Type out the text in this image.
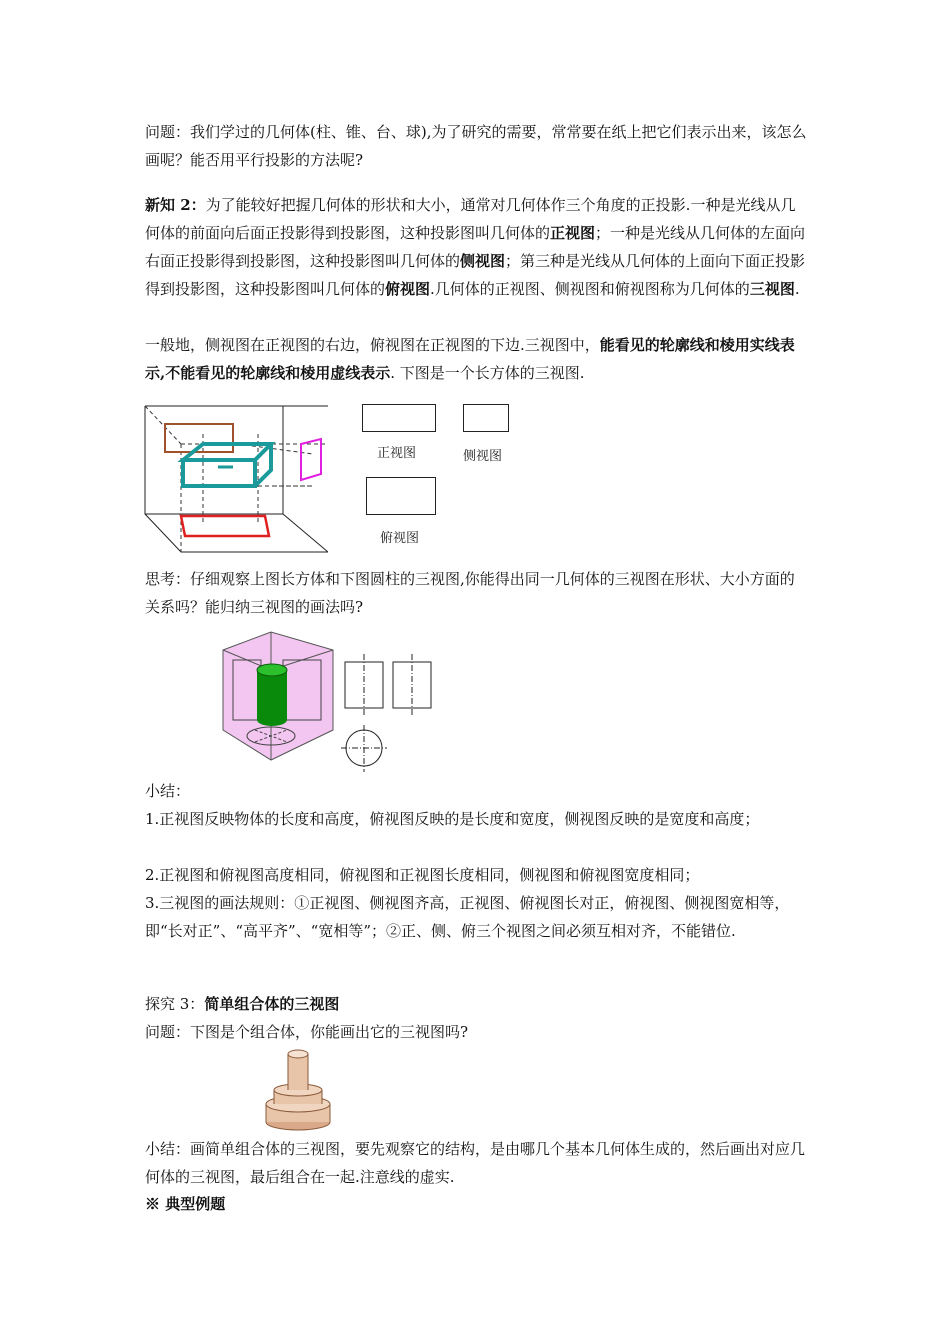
问题：我们学过的几何体(柱、锥、台、球),为了研究的需要，常常要在纸上把它们表示出来，该怎么画呢？能否用平行投影的方法呢?

新知 2：为了能较好把握几何体的形状和大小，通常对几何体作三个角度的正投影.一种是光线从几何体的前面向后面正投影得到投影图，这种投影图叫几何体的正视图；一种是光线从几何体的左面向右面正投影得到投影图，这种投影图叫几何体的侧视图；第三种是光线从几何体的上面向下面正投影得到投影图，这种投影图叫几何体的俯视图.几何体的正视图、侧视图和俯视图称为几何体的三视图.

一般地，侧视图在正视图的右边，俯视图在正视图的下边.三视图中，能看见的轮廓线和棱用实线表示,不能看见的轮廓线和棱用虚线表示. 下图是一个长方体的三视图.

正视图	侧视图
俯视图

思考：仔细观察上图长方体和下图圆柱的三视图,你能得出同一几何体的三视图在形状、大小方面的关系吗？能归纳三视图的画法吗?

小结：

1.正视图反映物体的长度和高度，俯视图反映的是长度和宽度，侧视图反映的是宽度和高度；

2.正视图和俯视图高度相同，俯视图和正视图长度相同，侧视图和俯视图宽度相同；

3.三视图的画法规则：①正视图、侧视图齐高，正视图、俯视图长对正，俯视图、侧视图宽相等，即“长对正”、“高平齐”、“宽相等”；②正、侧、俯三个视图之间必须互相对齐，不能错位.

探究 3：简单组合体的三视图

问题：下图是个组合体，你能画出它的三视图吗?

小结：画简单组合体的三视图，要先观察它的结构，是由哪几个基本几何体生成的，然后画出对应几何体的三视图，最后组合在一起.注意线的虚实.

※ 典型例题
